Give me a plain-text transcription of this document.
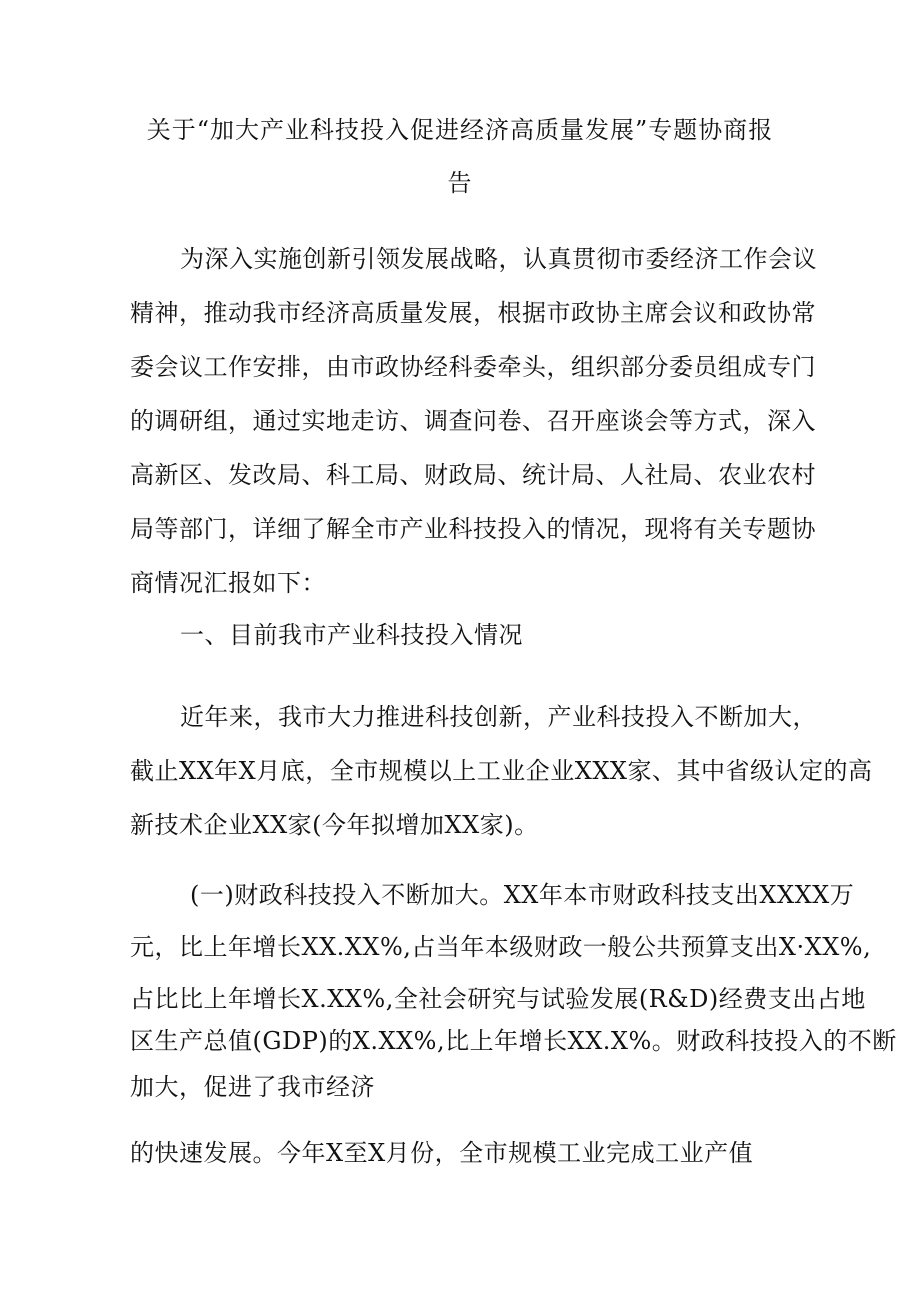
关于“加大产业科技投入促进经济高质量发展”专题协商报
告
为深入实施创新引领发展战略，认真贯彻市委经济工作会议
精神，推动我市经济高质量发展，根据市政协主席会议和政协常
委会议工作安排，由市政协经科委牵头，组织部分委员组成专门
的调研组，通过实地走访、调查问卷、召开座谈会等方式，深入
高新区、发改局、科工局、财政局、统计局、人社局、农业农村
局等部门，详细了解全市产业科技投入的情况，现将有关专题协
商情况汇报如下：
一、目前我市产业科技投入情况
近年来，我市大力推进科技创新，产业科技投入不断加大，
截止XX年X月底，全市规模以上工业企业XXX家、其中省级认定的高
新技术企业XX家(今年拟增加XX家)。
(一)财政科技投入不断加大。XX年本市财政科技支出XXXX万
元，比上年增长XX.XX%,占当年本级财政一般公共预算支出X·XX%,
占比比上年增长X.XX%,全社会研究与试验发展(R&D)经费支出占地
区生产总值(GDP)的X.XX%,比上年增长XX.X%。财政科技投入的不断
加大，促进了我市经济
的快速发展。今年X至X月份，全市规模工业完成工业产值
